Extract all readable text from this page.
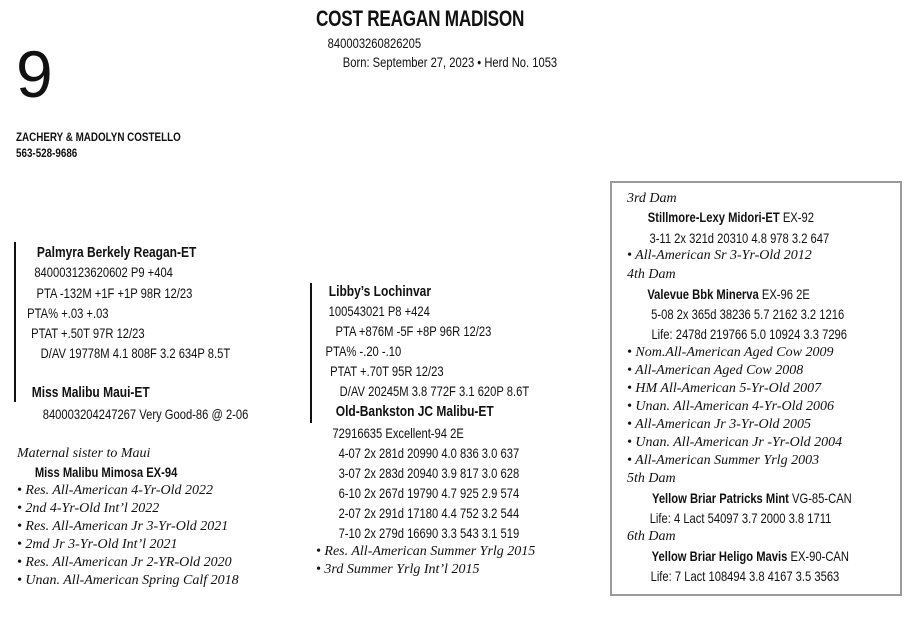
9
COST REAGAN MADISON
840003260826205
Born: September 27, 2023 • Herd No. 1053
ZACHERY & MADOLYN COSTELLO
563-528-9686
Palmyra Berkely Reagan-ET
840003123620602 P9 +404
PTA -132M +1F +1P 98R 12/23
PTA% +.03 +.03
PTAT +.50T 97R 12/23
D/AV 19778M 4.1 808F 3.2 634P 8.5T
Miss Malibu Maui-ET
840003204247267 Very Good-86 @ 2-06
Maternal sister to Maui
Miss Malibu Mimosa EX-94
• Res. All-American 4-Yr-Old 2022
• 2nd 4-Yr-Old Int’l 2022
• Res. All-American Jr 3-Yr-Old 2021
• 2md Jr 3-Yr-Old Int’l 2021
• Res. All-American Jr 2-YR-Old 2020
• Unan. All-American Spring Calf 2018
Libby’s Lochinvar
100543021 P8 +424
PTA +876M -5F +8P 96R 12/23
PTA% -.20 -.10
PTAT +.70T 95R 12/23
D/AV 20245M 3.8 772F 3.1 620P 8.6T
Old-Bankston JC Malibu-ET
72916635 Excellent-94 2E
4-07 2x 281d 20990 4.0 836 3.0 637
3-07 2x 283d 20940 3.9 817 3.0 628
6-10 2x 267d 19790 4.7 925 2.9 574
2-07 2x 291d 17180 4.4 752 3.2 544
7-10 2x 279d 16690 3.3 543 3.1 519
• Res. All-American Summer Yrlg 2015
• 3rd Summer Yrlg Int’l 2015
3rd Dam
Stillmore-Lexy Midori-ET EX-92
3-11 2x 321d 20310 4.8 978 3.2 647
• All-American Sr 3-Yr-Old 2012
4th Dam
Valevue Bbk Minerva EX-96 2E
5-08 2x 365d 38236 5.7 2162 3.2 1216
Life: 2478d 219766 5.0 10924 3.3 7296
• Nom.All-American Aged Cow 2009
• All-American Aged Cow 2008
• HM All-American 5-Yr-Old 2007
• Unan. All-American 4-Yr-Old 2006
• All-American Jr 3-Yr-Old 2005
• Unan. All-American Jr -Yr-Old 2004
• All-American Summer Yrlg 2003
5th Dam
Yellow Briar Patricks Mint VG-85-CAN
Life: 4 Lact 54097 3.7 2000 3.8 1711
6th Dam
Yellow Briar Heligo Mavis EX-90-CAN
Life: 7 Lact 108494 3.8 4167 3.5 3563
